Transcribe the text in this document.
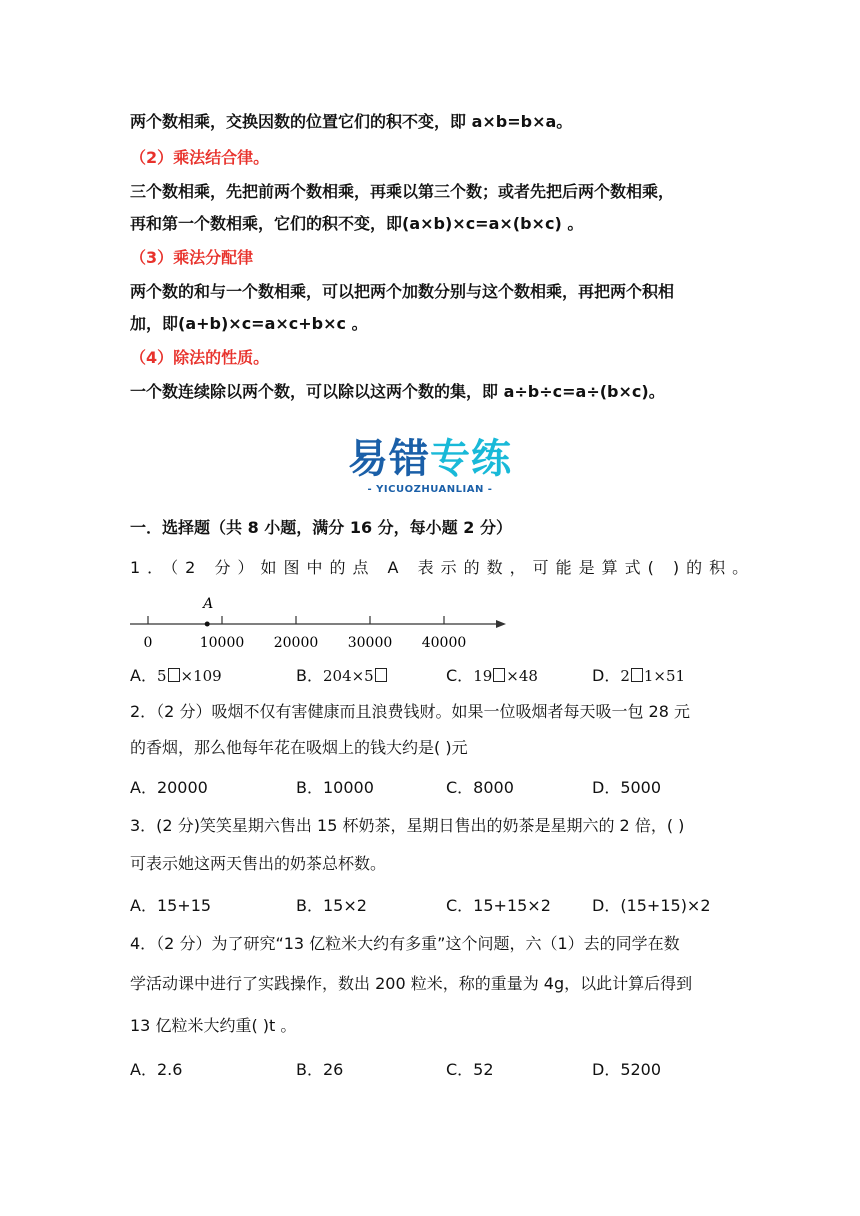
两个数相乘，交换因数的位置它们的积不变，即 a×b=b×a。
（2）乘法结合律。
三个数相乘，先把前两个数相乘，再乘以第三个数；或者先把后两个数相乘，
再和第一个数相乘，它们的积不变，即(a×b)×c=a×(b×c) 。
（3）乘法分配律
两个数的和与一个数相乘，可以把两个加数分别与这个数相乘，再把两个积相
加，即(a+b)×c=a×c+b×c 。
（4）除法的性质。
一个数连续除以两个数，可以除以这两个数的集，即 a÷b÷c=a÷(b×c)。
易错专练
- YICUOZHUANLIAN -
一．选择题（共 8 小题，满分 16 分，每小题 2 分）
1．（2 分）如图中的点 A 表示的数，可能是算式( )的积。
0	10000 20000 30000 40000
A
A．5 ×109	B．204×5	C．19 ×48	D．2 1×51
2．（2 分）吸烟不仅有害健康而且浪费钱财。如果一位吸烟者每天吸一包 28 元
的香烟，那么他每年花在吸烟上的钱大约是( )元
A．20000	B．10000	C．8000	D．5000
3．(2 分)笑笑星期六售出 15 杯奶茶，星期日售出的奶茶是星期六的 2 倍，( )
可表示她这两天售出的奶茶总杯数。
A．15+15	B．15×2	C．15+15×2	D．(15+15)×2
4．（2 分）为了研究“13 亿粒米大约有多重”这个问题，六（1）去的同学在数
学活动课中进行了实践操作，数出 200 粒米，称的重量为 4g，以此计算后得到
13 亿粒米大约重( )t 。
A．2.6	B．26	C．52	D．5200
